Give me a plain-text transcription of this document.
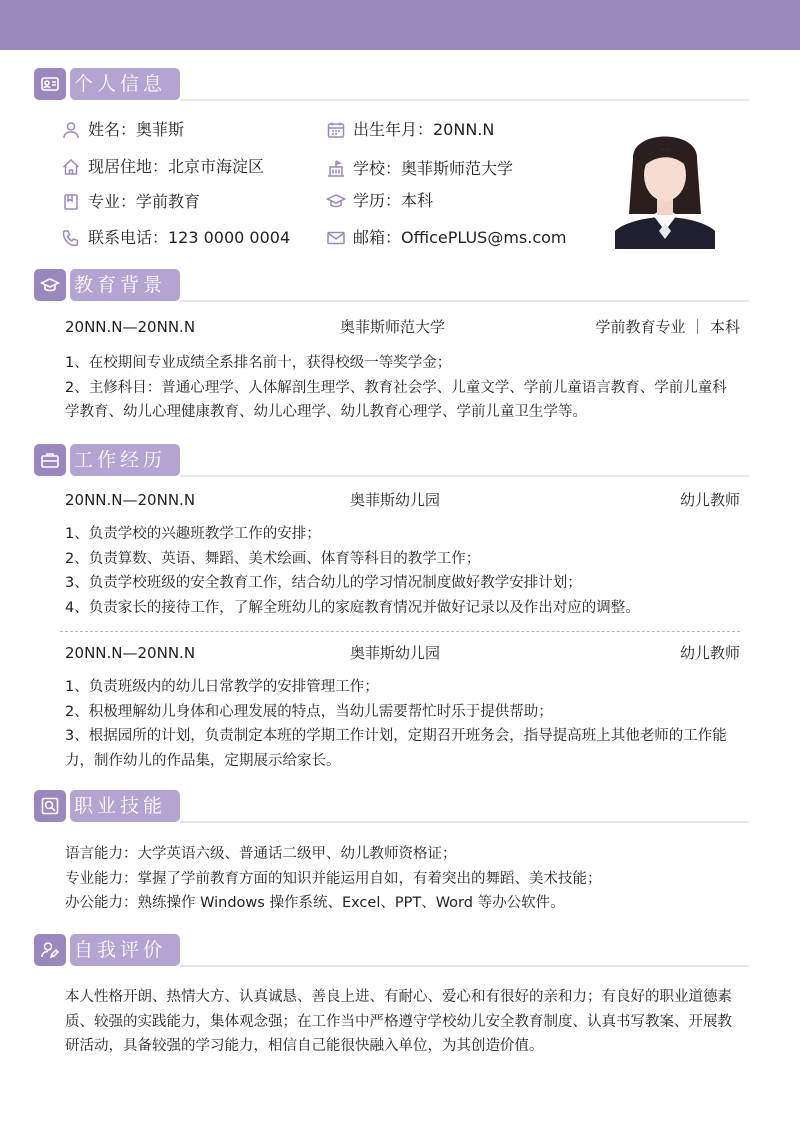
个人信息
姓名：奥菲斯	出生年月：20NN.N
现居住地：北京市海淀区	学校：奥菲斯师范大学
专业：学前教育	学历：本科
联系电话：123 0000 0004	邮箱：OfficePLUS@ms.com
教育背景
20NN.N—20NN.N	奥菲斯师范大学	学前教育专业 ｜ 本科

1、在校期间专业成绩全系排名前十，获得校级一等奖学金；

2、主修科目：普通心理学、人体解剖生理学、教育社会学、儿童文学、学前儿童语言教育、学前儿童科学教育、幼儿心理健康教育、幼儿心理学、幼儿教育心理学、学前儿童卫生学等。

工作经历
20NN.N—20NN.N	奥菲斯幼儿园	幼儿教师

1、负责学校的兴趣班教学工作的安排；

2、负责算数、英语、舞蹈、美术绘画、体育等科目的教学工作；

3、负责学校班级的安全教育工作，结合幼儿的学习情况制度做好教学安排计划；

4、负责家长的接待工作，了解全班幼儿的家庭教育情况并做好记录以及作出对应的调整。

20NN.N—20NN.N	奥菲斯幼儿园	幼儿教师

1、负责班级内的幼儿日常教学的安排管理工作；

2、积极理解幼儿身体和心理发展的特点，当幼儿需要帮忙时乐于提供帮助；

3、根据园所的计划，负责制定本班的学期工作计划，定期召开班务会，指导提高班上其他老师的工作能力，制作幼儿的作品集，定期展示给家长。

职业技能

语言能力：大学英语六级、普通话二级甲、幼儿教师资格证；

专业能力：掌握了学前教育方面的知识并能运用自如，有着突出的舞蹈、美术技能；

办公能力：熟练操作 Windows 操作系统、Excel、PPT、Word 等办公软件。

自我评价

本人性格开朗、热情大方、认真诚恳、善良上进、有耐心、爱心和有很好的亲和力；有良好的职业道德素质、较强的实践能力，集体观念强；在工作当中严格遵守学校幼儿安全教育制度、认真书写教案、开展教研活动，具备较强的学习能力，相信自己能很快融入单位，为其创造价值。
